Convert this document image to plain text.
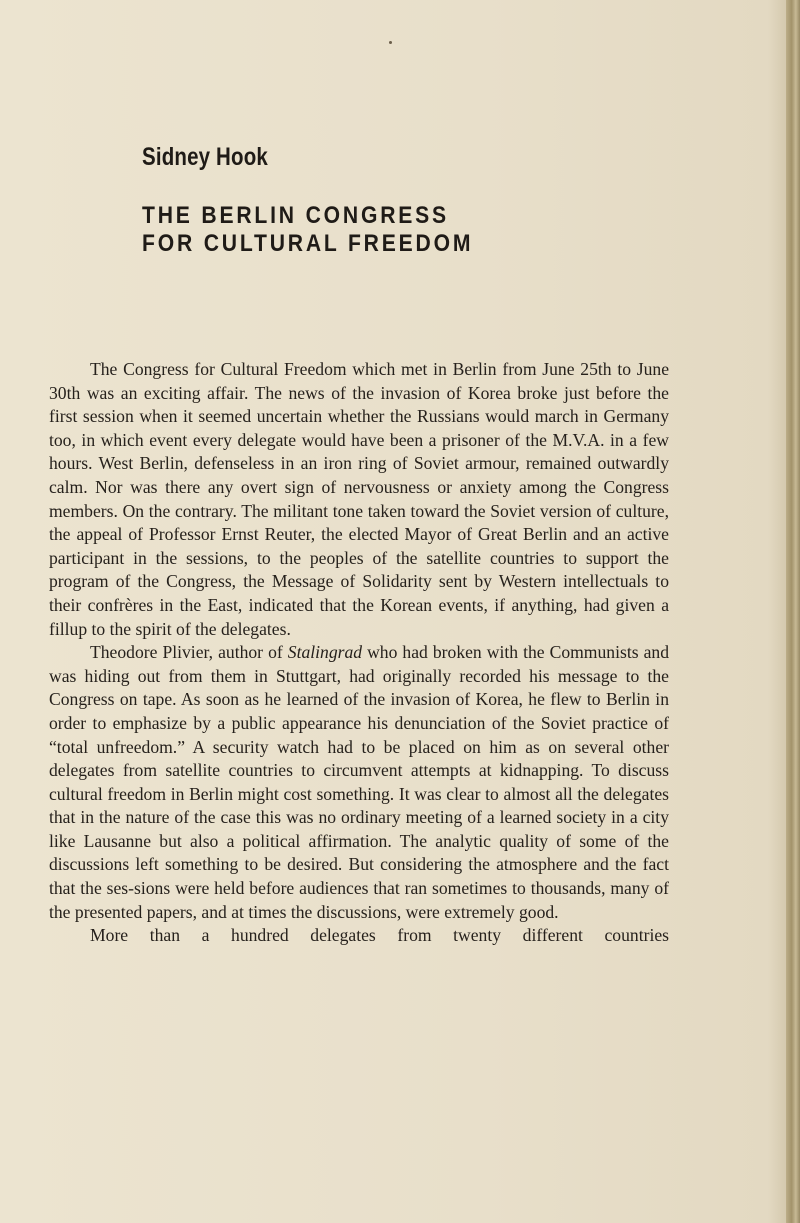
Sidney Hook
THE BERLIN CONGRESS
FOR CULTURAL FREEDOM

The Congress for Cultural Freedom which met in Berlin from June 25th to June 30th was an exciting affair. The news of the invasion of Korea broke just before the first session when it seemed uncertain whether the Russians would march in Germany too, in which event every delegate would have been a prisoner of the M.V.A. in a few hours. West Berlin, defenseless in an iron ring of Soviet armour, remained outwardly calm. Nor was there any overt sign of nervousness or anxiety among the Congress members. On the contrary. The militant tone taken toward the Soviet version of culture, the appeal of Professor Ernst Reuter, the elected Mayor of Great Berlin and an active participant in the sessions, to the peoples of the satellite countries to support the program of the Congress, the Message of Solidarity sent by Western intellectuals to their confrères in the East, indicated that the Korean events, if anything, had given a fillup to the spirit of the delegates.

Theodore Plivier, author of Stalingrad who had broken with the Communists and was hiding out from them in Stuttgart, had originally recorded his message to the Congress on tape. As soon as he learned of the invasion of Korea, he flew to Berlin in order to emphasize by a public appearance his denunciation of the Soviet practice of “total unfreedom.” A security watch had to be placed on him as on several other delegates from satellite countries to circumvent attempts at kidnapping. To discuss cultural freedom in Berlin might cost something. It was clear to almost all the delegates that in the nature of the case this was no ordinary meeting of a learned society in a city like Lausanne but also a political affirmation. The analytic quality of some of the discussions left something to be desired. But considering the atmosphere and the fact that the ses-sions were held before audiences that ran sometimes to thousands, many of the presented papers, and at times the discussions, were extremely good.

More than a hundred delegates from twenty different countries
